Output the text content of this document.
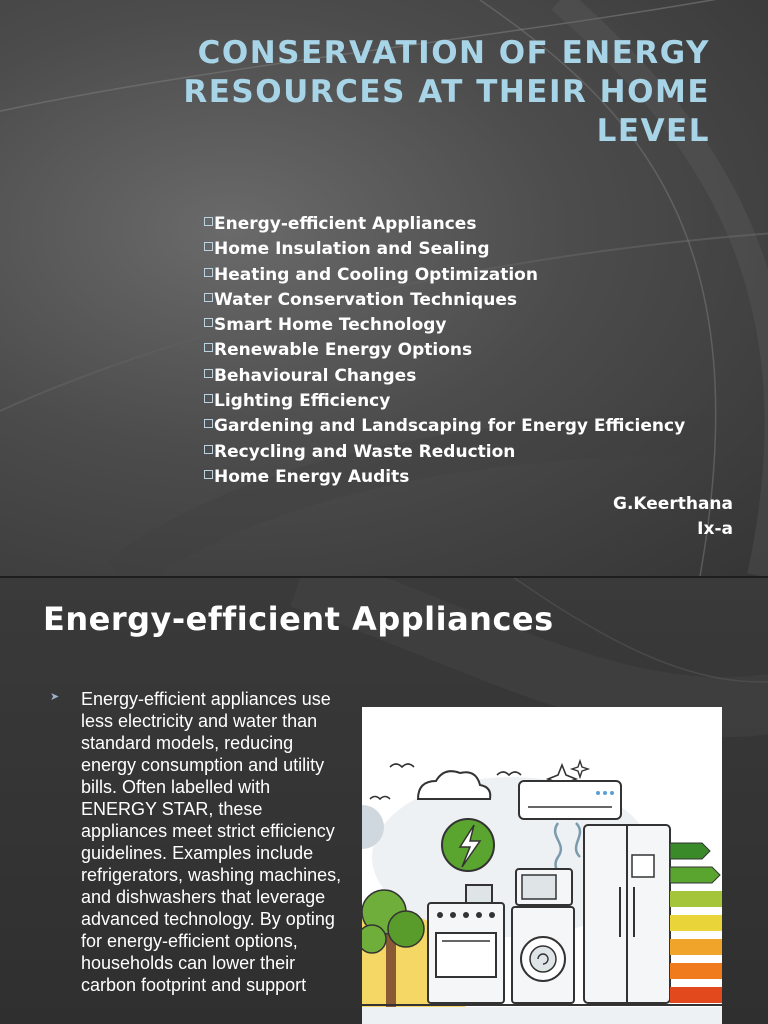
CONSERVATION OF ENERGY
RESOURCES AT THEIR HOME
LEVEL
Energy-efficient Appliances
Home Insulation and Sealing
Heating and Cooling Optimization
Water Conservation Techniques
Smart Home Technology
Renewable Energy Options
Behavioural Changes
Lighting Efficiency
Gardening and Landscaping for Energy Efficiency
Recycling and Waste Reduction
Home Energy Audits
G.Keerthana
Ix-a
Energy-efficient Appliances
➤ Energy-efficient appliances use less electricity and water than standard models, reducing energy consumption and utility bills. Often labelled with ENERGY STAR, these appliances meet strict efficiency guidelines. Examples include refrigerators, washing machines, and dishwashers that leverage advanced technology. By opting for energy-efficient options, households can lower their carbon footprint and support
